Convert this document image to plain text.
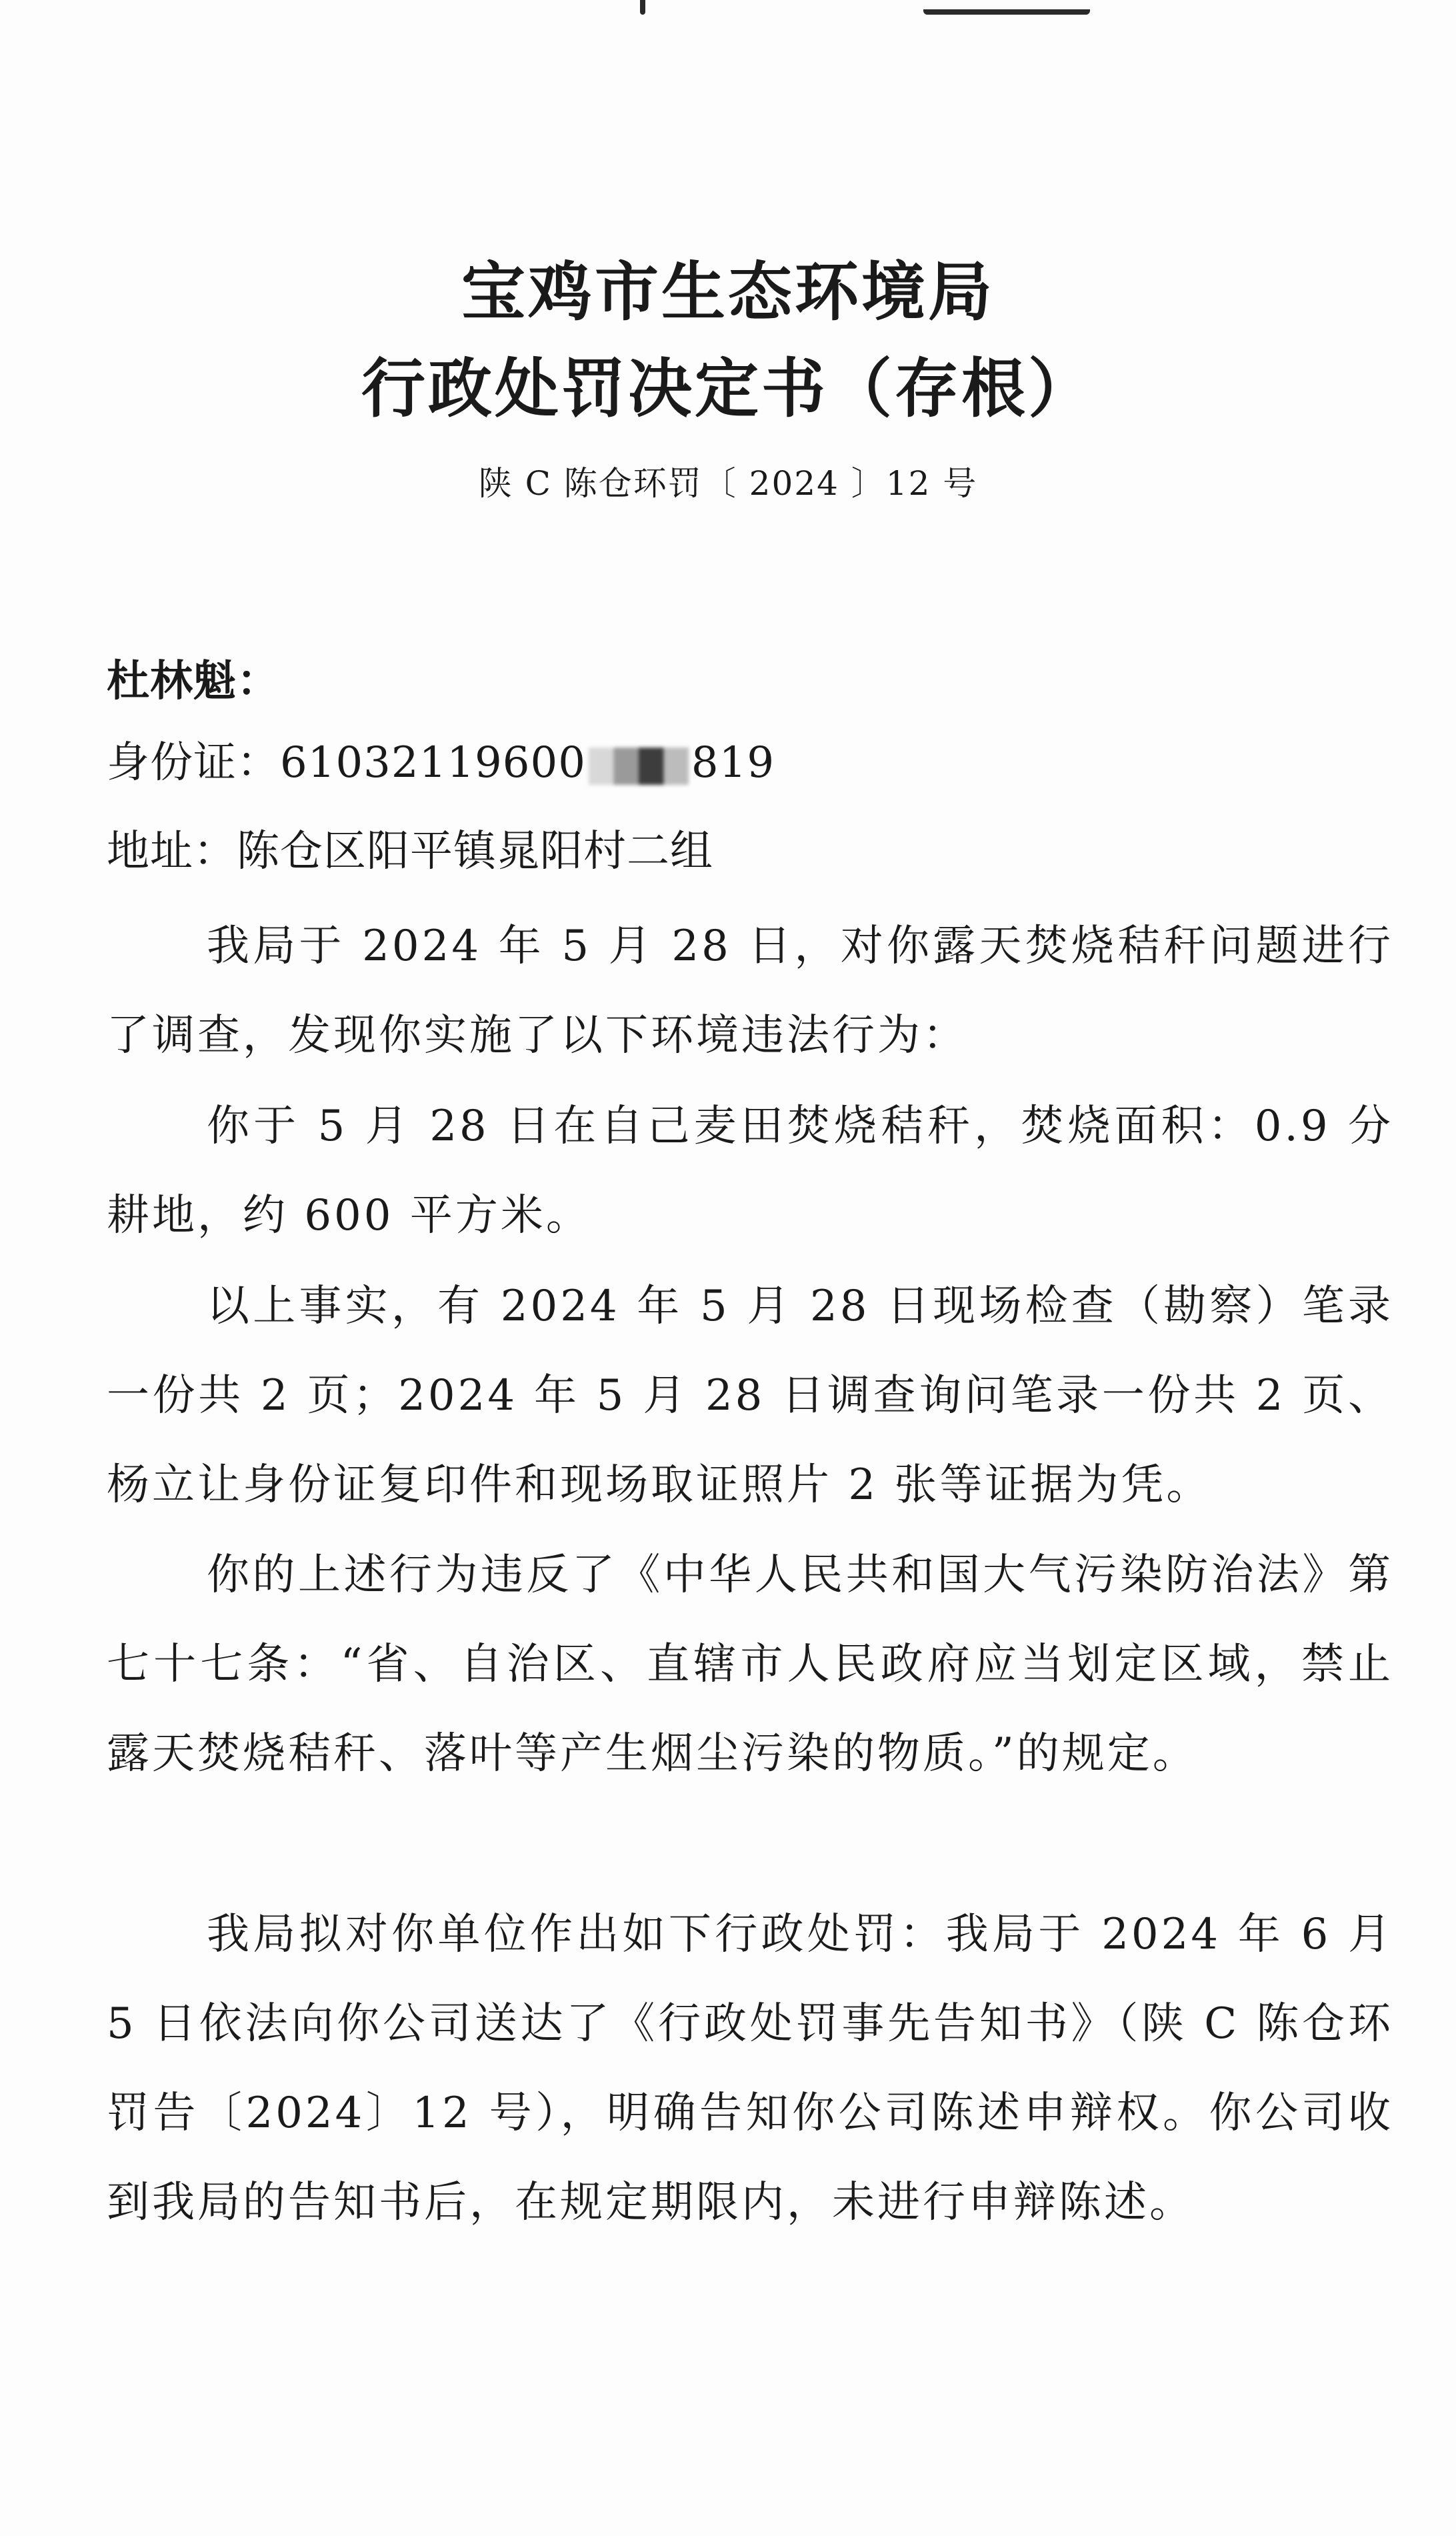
宝鸡市生态环境局
行政处罚决定书（存根）
陕 C 陈仓环罚〔 2024 〕12 号
杜林魁：
身份证：61032119600 819
地址：陈仓区阳平镇晁阳村二组

我局于 2024 年 5 月 28 日，对你露天焚烧秸秆问题进行了调查，发现你实施了以下环境违法行为：

你于 5 月 28 日在自己麦田焚烧秸秆，焚烧面积：0.9 分耕地，约 600 平方米。

以上事实，有 2024 年 5 月 28 日现场检查（勘察）笔录一份共 2 页；2024 年 5 月 28 日调查询问笔录一份共 2 页、杨立让身份证复印件和现场取证照片 2 张等证据为凭。

你的上述行为违反了《中华人民共和国大气污染防治法》第七十七条：“省、自治区、直辖市人民政府应当划定区域，禁止露天焚烧秸秆、落叶等产生烟尘污染的物质。”的规定。

我局拟对你单位作出如下行政处罚：我局于 2024 年 6 月 5 日依法向你公司送达了《行政处罚事先告知书》（陕 C 陈仓环罚告〔2024〕12 号），明确告知你公司陈述申辩权。你公司收到我局的告知书后，在规定期限内，未进行申辩陈述。
